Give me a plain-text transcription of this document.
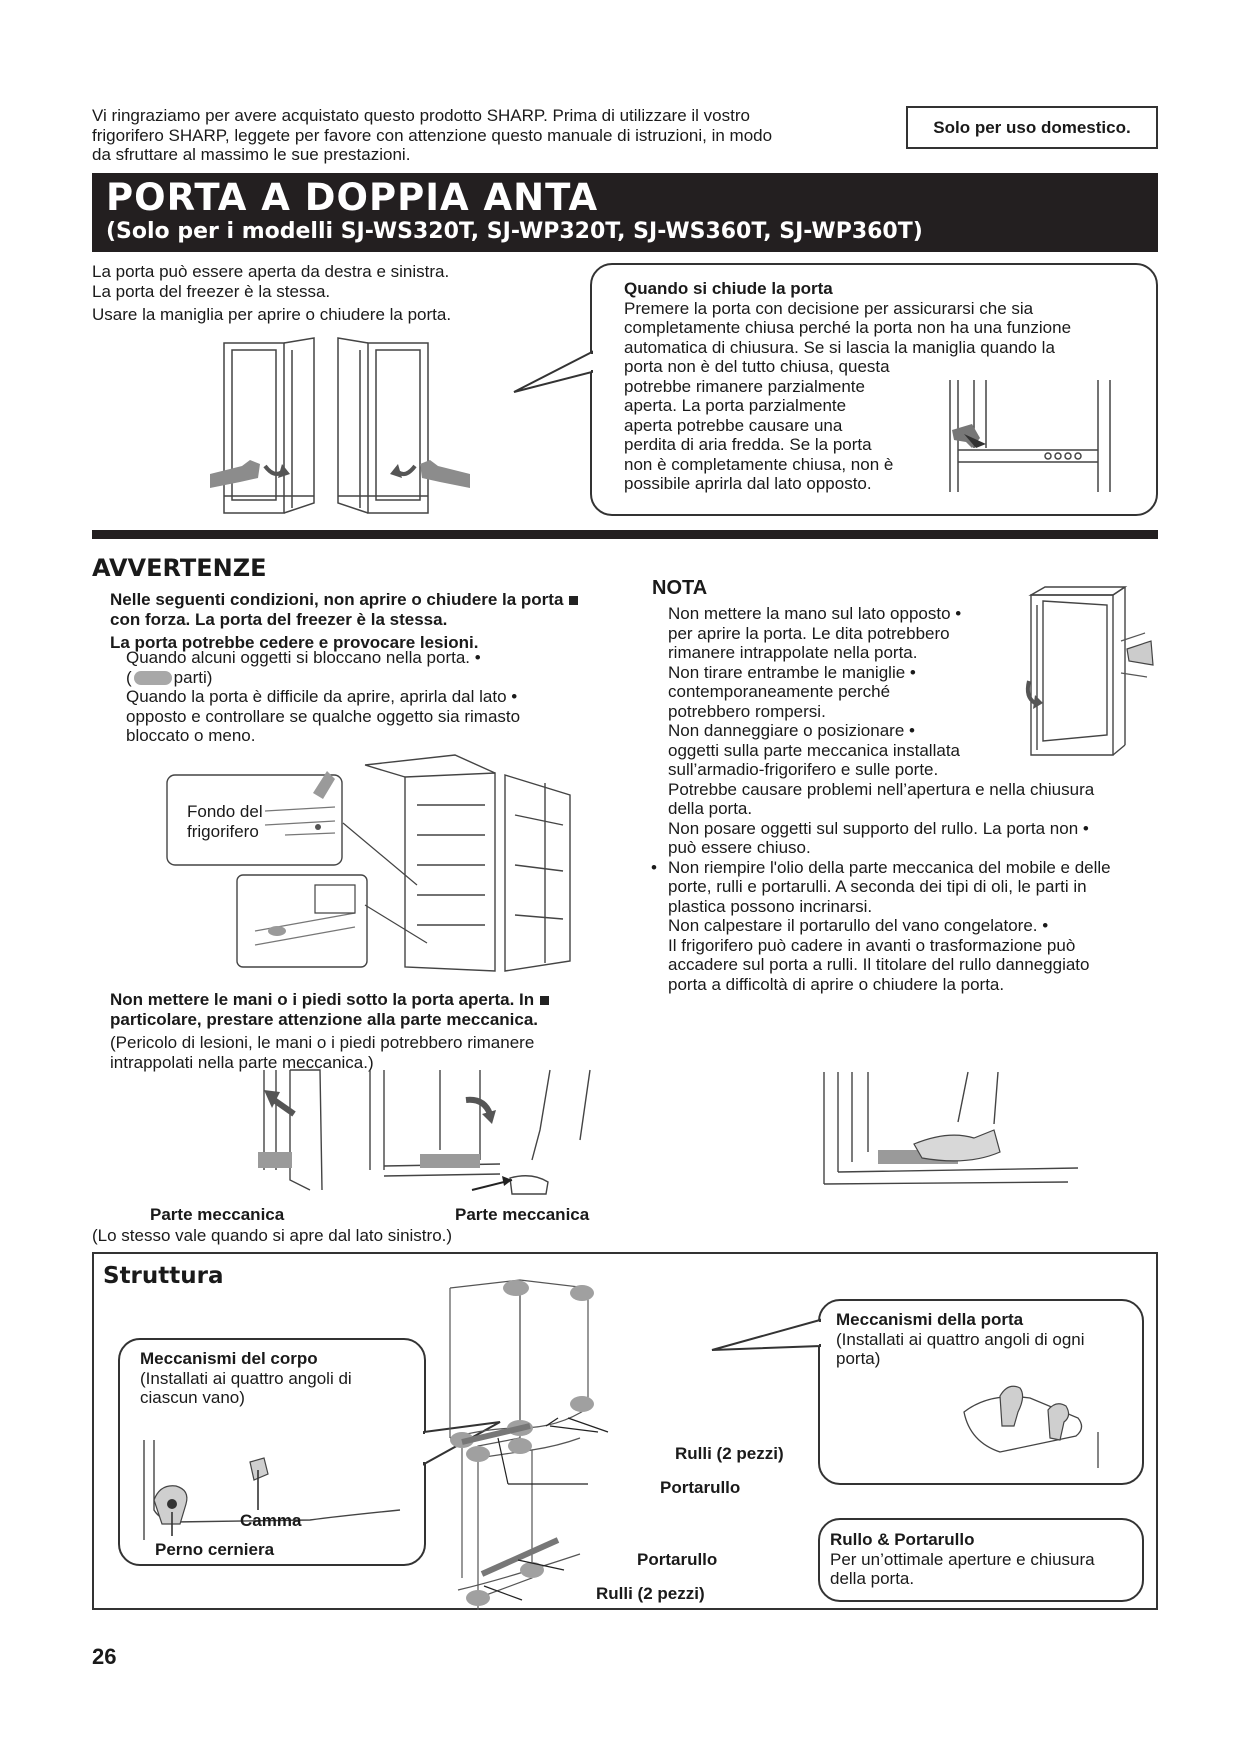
Vi ringraziamo per avere acquistato questo prodotto SHARP. Prima di utilizzare il vostro
frigorifero SHARP, leggete per favore con attenzione questo manuale di istruzioni, in modo
da sfruttare al massimo le sue prestazioni.
Solo per uso domestico.
PORTA A DOPPIA ANTA
(Solo per i modelli SJ-WS320T, SJ-WP320T, SJ-WS360T, SJ-WP360T)
La porta può essere aperta da destra e sinistra.
La porta del freezer è la stessa.
Usare la maniglia per aprire o chiudere la porta.
Quando si chiude la porta
Premere la porta con decisione per assicurarsi che sia
completamente chiusa perché la porta non ha una funzione
automatica di chiusura. Se si lascia la maniglia quando la
porta non è del tutto chiusa, questa
potrebbe rimanere parzialmente
aperta. La porta parzialmente
aperta potrebbe causare una
perdita di aria fredda. Se la porta
non è completamente chiusa, non è
possibile aprirla dal lato opposto.
AVVERTENZE
Nelle seguenti condizioni, non aprire o chiudere la porta
con forza. La porta del freezer è la stessa.
La porta potrebbe cedere e provocare lesioni.
Quando alcuni oggetti si bloccano nella porta. •
( parti)
Quando la porta è difficile da aprire, aprirla dal lato •
opposto e controllare se qualche oggetto sia rimasto
bloccato o meno.
Fondo del
frigorifero
Non mettere le mani o i piedi sotto la porta aperta. In
particolare, prestare attenzione alla parte meccanica.
(Pericolo di lesioni, le mani o i piedi potrebbero rimanere
intrappolati nella parte meccanica.)
Parte meccanica	Parte meccanica
(Lo stesso vale quando si apre dal lato sinistro.)
NOTA
Non mettere la mano sul lato opposto •
per aprire la porta. Le dita potrebbero
rimanere intrappolate nella porta.
Non tirare entrambe le maniglie •
contemporaneamente perché
potrebbero rompersi.
Non danneggiare o posizionare •
oggetti sulla parte meccanica installata
sull’armadio-frigorifero e sulle porte.
Potrebbe causare problemi nell’apertura e nella chiusura
della porta.
Non posare oggetti sul supporto del rullo. La porta non •
può essere chiuso.
• Non riempire l'olio della parte meccanica del mobile e delle
porte, rulli e portarulli. A seconda dei tipi di oli, le parti in
plastica possono incrinarsi.
Non calpestare il portarullo del vano congelatore. •
Il frigorifero può cadere in avanti o trasformazione può
accadere sul porta a rulli. Il titolare del rullo danneggiato
porta a difficoltà di aprire o chiudere la porta.
Struttura
Meccanismi del corpo
(Installati ai quattro angoli di
ciascun vano)
Camma
Perno cerniera
Rulli (2 pezzi)
Portarullo
Portarullo
Rulli (2 pezzi)
Meccanismi della porta
(Installati ai quattro angoli di ogni
porta)
Rullo & Portarullo
Per un’ottimale aperture e chiusura
della porta.
26
